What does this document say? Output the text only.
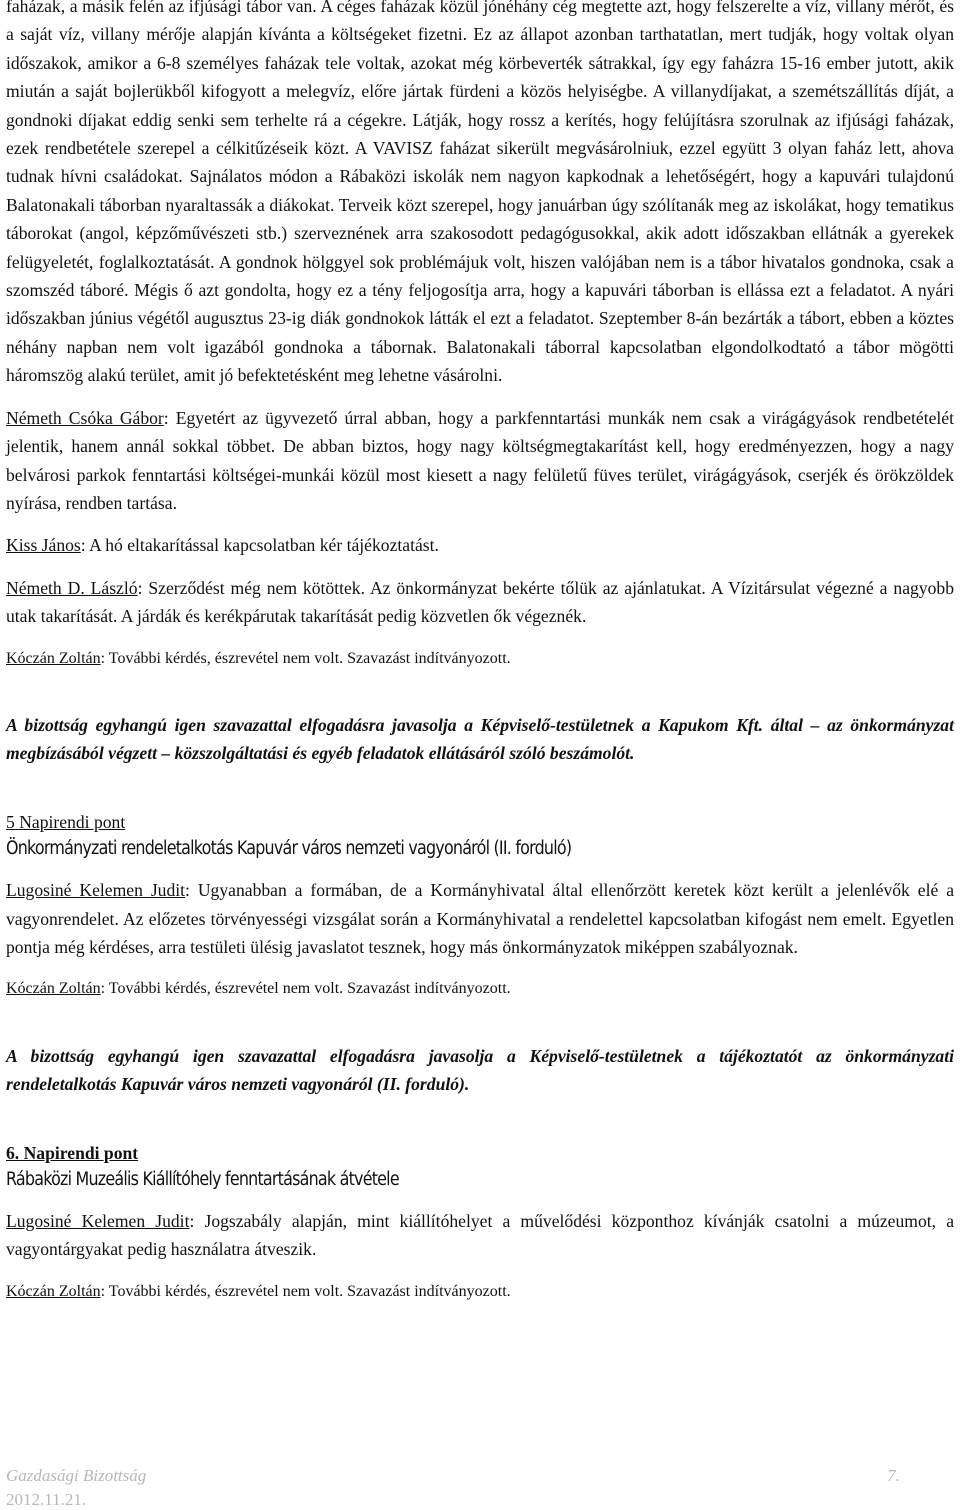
faházak, a másik felén az ifjúsági tábor van. A céges faházak közül jónéhány cég megtette azt, hogy felszerelte a víz, villany mérőt, és a saját víz, villany mérője alapján kívánta a költségeket fizetni. Ez az állapot azonban tarthatatlan, mert tudják, hogy voltak olyan időszakok, amikor a 6-8 személyes faházak tele voltak, azokat még körbeverték sátrakkal, így egy faházra 15-16 ember jutott, akik miután a saját bojlerükből kifogyott a melegvíz, előre jártak fürdeni a közös helyiségbe. A villanydíjakat, a szemétszállítás díját, a gondnoki díjakat eddig senki sem terhelte rá a cégekre. Látják, hogy rossz a kerítés, hogy felújításra szorulnak az ifjúsági faházak, ezek rendbetétele szerepel a célkitűzéseik közt. A VAVISZ faházat sikerült megvásárolniuk, ezzel együtt 3 olyan faház lett, ahova tudnak hívni családokat. Sajnálatos módon a Rábaközi iskolák nem nagyon kapkodnak a lehetőségért, hogy a kapuvári tulajdonú Balatonakali táborban nyaraltassák a diákokat. Terveik közt szerepel, hogy januárban úgy szólítanák meg az iskolákat, hogy tematikus táborokat (angol, képzőművészeti stb.) szerveznének arra szakosodott pedagógusokkal, akik adott időszakban ellátnák a gyerekek felügyeletét, foglalkoztatását. A gondnok hölggyel sok problémájuk volt, hiszen valójában nem is a tábor hivatalos gondnoka, csak a szomszéd táboré. Mégis ő azt gondolta, hogy ez a tény feljogosítja arra, hogy a kapuvári táborban is ellássa ezt a feladatot. A nyári időszakban június végétől augusztus 23-ig diák gondnokok látták el ezt a feladatot. Szeptember 8-án bezárták a tábort, ebben a köztes néhány napban nem volt igazából gondnoka a tábornak. Balatonakali táborral kapcsolatban elgondolkodtató a tábor mögötti háromszög alakú terület, amit jó befektetésként meg lehetne vásárolni.

Németh Csóka Gábor: Egyetért az ügyvezető úrral abban, hogy a parkfenntartási munkák nem csak a virágágyások rendbetételét jelentik, hanem annál sokkal többet. De abban biztos, hogy nagy költségmegtakarítást kell, hogy eredményezzen, hogy a nagy belvárosi parkok fenntartási költségei-munkái közül most kiesett a nagy felületű füves terület, virágágyások, cserjék és örökzöldek nyírása, rendben tartása.

Kiss János: A hó eltakarítással kapcsolatban kér tájékoztatást.

Németh D. László: Szerződést még nem kötöttek. Az önkormányzat bekérte tőlük az ajánlatukat. A Vízitársulat végezné a nagyobb utak takarítását. A járdák és kerékpárutak takarítását pedig közvetlen ők végeznék.

Kóczán Zoltán: További kérdés, észrevétel nem volt. Szavazást indítványozott.

A bizottság egyhangú igen szavazattal elfogadásra javasolja a Képviselő-testületnek a Kapukom Kft. által – az önkormányzat megbízásából végzett – közszolgáltatási és egyéb feladatok ellátásáról szóló beszámolót.

5 Napirendi pont

Önkormányzati rendeletalkotás Kapuvár város nemzeti vagyonáról (II. forduló)

Lugosiné Kelemen Judit: Ugyanabban a formában, de a Kormányhivatal által ellenőrzött keretek közt került a jelenlévők elé a vagyonrendelet. Az előzetes törvényességi vizsgálat során a Kormányhivatal a rendelettel kapcsolatban kifogást nem emelt. Egyetlen pontja még kérdéses, arra testületi ülésig javaslatot tesznek, hogy más önkormányzatok miképpen szabályoznak.

Kóczán Zoltán: További kérdés, észrevétel nem volt. Szavazást indítványozott.

A bizottság egyhangú igen szavazattal elfogadásra javasolja a Képviselő-testületnek a tájékoztatót az önkormányzati rendeletalkotás Kapuvár város nemzeti vagyonáról (II. forduló).

6. Napirendi pont

Rábaközi Muzeális Kiállítóhely fenntartásának átvétele

Lugosiné Kelemen Judit: Jogszabály alapján, mint kiállítóhelyet a művelődési központhoz kívánják csatolni a múzeumot, a vagyontárgyakat pedig használatra átveszik.

Kóczán Zoltán: További kérdés, észrevétel nem volt. Szavazást indítványozott.

Gazdasági Bizottság	7.
2012.11.21.
